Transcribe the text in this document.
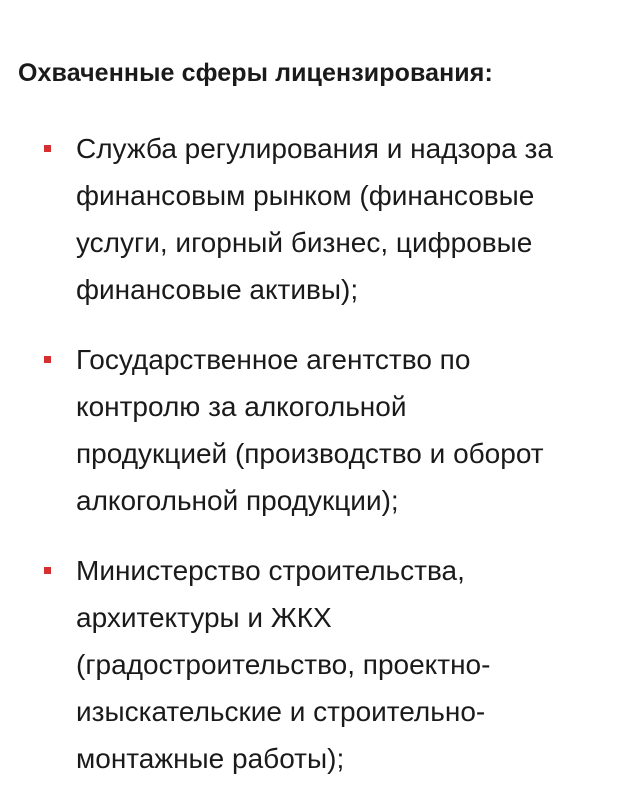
Охваченные сферы лицензирования:
Служба регулирования и надзора за
финансовым рынком (финансовые
услуги, игорный бизнес, цифровые
финансовые активы);
Государственное агентство по
контролю за алкогольной
продукцией (производство и оборот
алкогольной продукции);
Министерство строительства,
архитектуры и ЖКХ
(градостроительство, проектно-
изыскательские и строительно-
монтажные работы);
